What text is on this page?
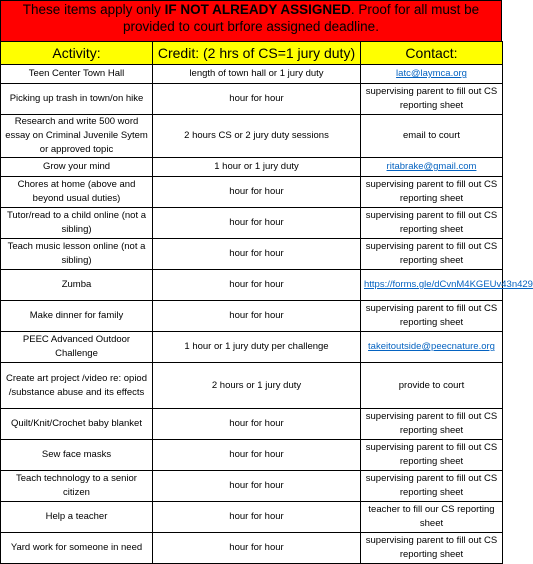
These items apply only IF NOT ALREADY ASSIGNED. Proof for all must be provided to court brfore assigned deadline.
Activity:	Credit: (2 hrs of CS=1 jury duty)	Contact:
Teen Center Town Hall	length of town hall or 1 jury duty	latc@laymca.org
Picking up trash in town/on hike	hour for hour	supervising parent to fill out CS reporting sheet
Research and write 500 word essay on Criminal Juvenile Sytem or approved topic	2 hours CS or 2 jury duty sessions	email to court
Grow your mind	1 hour or 1 jury duty	ritabrake@gmail.com
Chores at home (above and beyond usual duties)	hour for hour	supervising parent to fill out CS reporting sheet
Tutor/read to a child online (not a sibling)	hour for hour	supervising parent to fill out CS reporting sheet
Teach music lesson online (not a sibling)	hour for hour	supervising parent to fill out CS reporting sheet
Zumba	hour for hour	https://forms.gle/dCvnM4KGEUv43n429
Make dinner for family	hour for hour	supervising parent to fill out CS reporting sheet
PEEC Advanced Outdoor Challenge	1 hour or 1 jury duty per challenge	takeitoutside@peecnature.org
Create art project /video re: opiod /substance abuse and its effects	2 hours or 1 jury duty	provide to court
Quilt/Knit/Crochet baby blanket	hour for hour	supervising parent to fill out CS reporting sheet
Sew face masks	hour for hour	supervising parent to fill out CS reporting sheet
Teach technology to a senior citizen	hour for hour	supervising parent to fill out CS reporting sheet
Help a teacher	hour for hour	teacher to fill our CS reporting sheet
Yard work for someone in need	hour for hour	supervising parent to fill out CS reporting sheet
